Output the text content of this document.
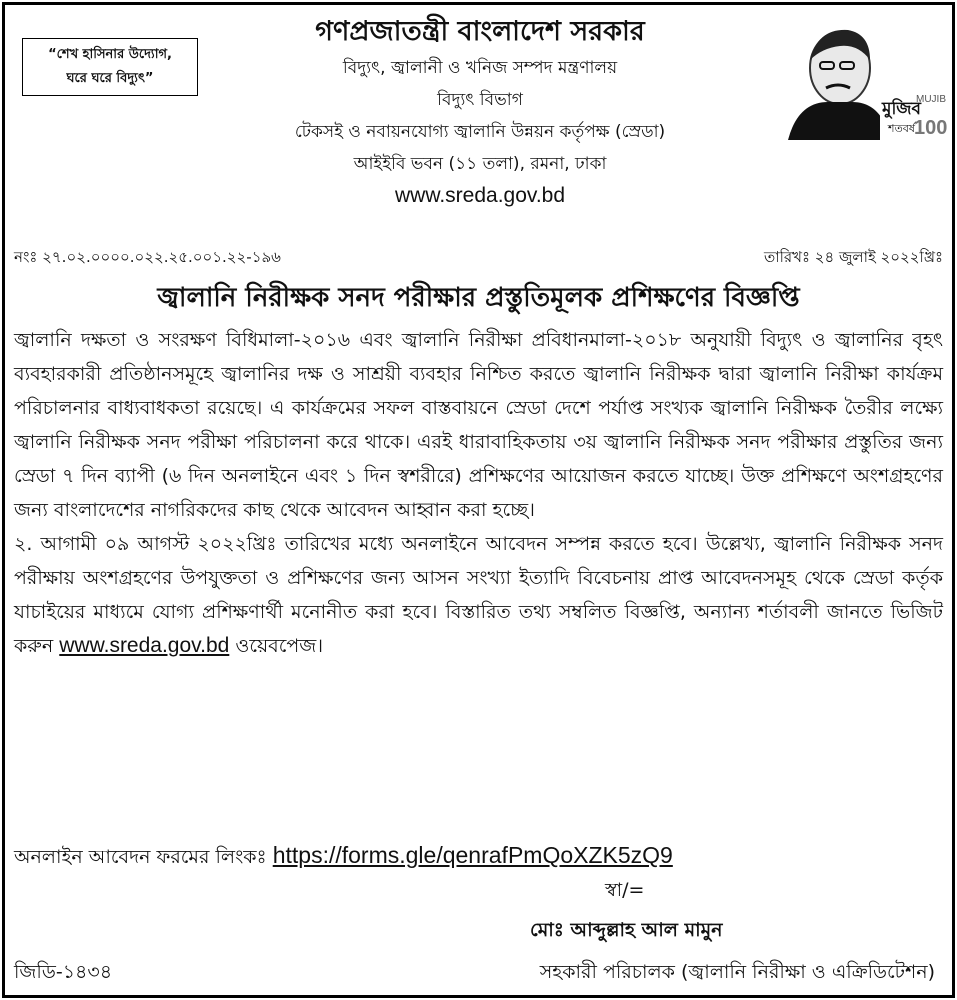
“শেখ হাসিনার উদ্যোগ,
ঘরে ঘরে বিদ্যুৎ”
গণপ্রজাতন্ত্রী বাংলাদেশ সরকার
বিদ্যুৎ, জ্বালানী ও খনিজ সম্পদ মন্ত্রণালয়
বিদ্যুৎ বিভাগ
টেকসই ও নবায়নযোগ্য জ্বালানি উন্নয়ন কর্তৃপক্ষ (স্রেডা)
আইইবি ভবন (১১ তলা), রমনা, ঢাকা
www.sreda.gov.bd
মুজিব
শতবর্ষ
MUJIB
100
নংঃ ২৭.০২.০০০০.০২২.২৫.০০১.২২-১৯৬	তারিখঃ ২৪ জুলাই ২০২২খ্রিঃ
জ্বালানি নিরীক্ষক সনদ পরীক্ষার প্রস্তুতিমূলক প্রশিক্ষণের বিজ্ঞপ্তি

জ্বালানি দক্ষতা ও সংরক্ষণ বিধিমালা-২০১৬ এবং জ্বালানি নিরীক্ষা প্রবিধানমালা-২০১৮ অনুযায়ী বিদ্যুৎ ও জ্বালানির বৃহৎ ব্যবহারকারী প্রতিষ্ঠানসমূহে জ্বালানির দক্ষ ও সাশ্রয়ী ব্যবহার নিশ্চিত করতে জ্বালানি নিরীক্ষক দ্বারা জ্বালানি নিরীক্ষা কার্যক্রম পরিচালনার বাধ্যবাধকতা রয়েছে। এ কার্যক্রমের সফল বাস্তবায়নে স্রেডা দেশে পর্যাপ্ত সংখ্যক জ্বালানি নিরীক্ষক তৈরীর লক্ষ্যে জ্বালানি নিরীক্ষক সনদ পরীক্ষা পরিচালনা করে থাকে। এরই ধারাবাহিকতায় ৩য় জ্বালানি নিরীক্ষক সনদ পরীক্ষার প্রস্তুতির জন্য স্রেডা ৭ দিন ব্যাপী (৬ দিন অনলাইনে এবং ১ দিন স্বশরীরে) প্রশিক্ষণের আয়োজন করতে যাচ্ছে। উক্ত প্রশিক্ষণে অংশগ্রহণের জন্য বাংলাদেশের নাগরিকদের কাছ থেকে আবেদন আহ্বান করা হচ্ছে।

২. আগামী ০৯ আগস্ট ২০২২খ্রিঃ তারিখের মধ্যে অনলাইনে আবেদন সম্পন্ন করতে হবে। উল্লেখ্য, জ্বালানি নিরীক্ষক সনদ পরীক্ষায় অংশগ্রহণের উপযুক্ততা ও প্রশিক্ষণের জন্য আসন সংখ্যা ইত্যাদি বিবেচনায় প্রাপ্ত আবেদনসমূহ থেকে স্রেডা কর্তৃক যাচাইয়ের মাধ্যমে যোগ্য প্রশিক্ষণার্থী মনোনীত করা হবে। বিস্তারিত তথ্য সম্বলিত বিজ্ঞপ্তি, অন্যান্য শর্তাবলী জানতে ভিজিট করুন www.sreda.gov.bd ওয়েবপেজ।

অনলাইন আবেদন ফরমের লিংকঃ https://forms.gle/qenrafPmQoXZK5zQ9
স্বা/=
মোঃ আব্দুল্লাহ আল মামুন
জিডি-১৪৩৪	সহকারী পরিচালক (জ্বালানি নিরীক্ষা ও এক্রিডিটেশন)
